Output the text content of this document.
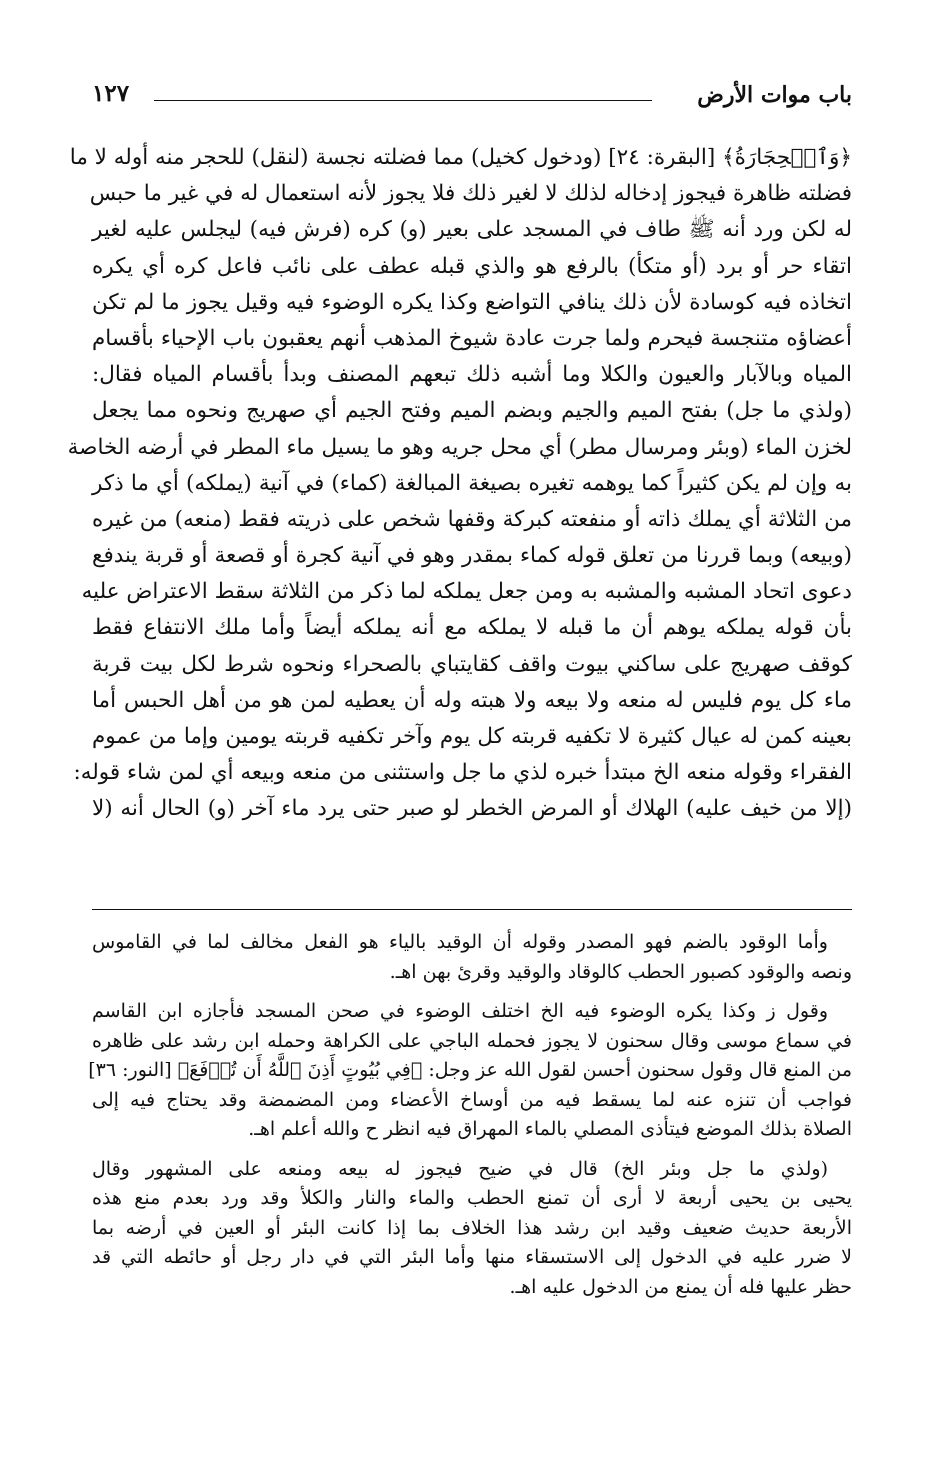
١٢٧	باب موات الأرض
﴿وَٱلۡحِجَارَةُ﴾ [البقرة: ٢٤] (ودخول كخيل) مما فضلته نجسة (لنقل) للحجر منه أوله لا ما
فضلته ظاهرة فيجوز إدخاله لذلك لا لغير ذلك فلا يجوز لأنه استعمال له في غير ما حبس
له لكن ورد أنه ﷺ طاف في المسجد على بعير (و) كره (فرش فيه) ليجلس عليه لغير
اتقاء حر أو برد (أو متكأ) بالرفع هو والذي قبله عطف على نائب فاعل كره أي يكره
اتخاذه فيه كوسادة لأن ذلك ينافي التواضع وكذا يكره الوضوء فيه وقيل يجوز ما لم تكن
أعضاؤه متنجسة فيحرم ولما جرت عادة شيوخ المذهب أنهم يعقبون باب الإحياء بأقسام
المياه وبالآبار والعيون والكلا وما أشبه ذلك تبعهم المصنف وبدأ بأقسام المياه فقال:
(ولذي ما جل) بفتح الميم والجيم وبضم الميم وفتح الجيم أي صهريج ونحوه مما يجعل
لخزن الماء (وبئر ومرسال مطر) أي محل جريه وهو ما يسيل ماء المطر في أرضه الخاصة
به وإن لم يكن كثيراً كما يوهمه تغيره بصيغة المبالغة (كماء) في آنية (يملكه) أي ما ذكر
من الثلاثة أي يملك ذاته أو منفعته كبركة وقفها شخص على ذريته فقط (منعه) من غيره
(وبيعه) وبما قررنا من تعلق قوله كماء بمقدر وهو في آنية كجرة أو قصعة أو قربة يندفع
دعوى اتحاد المشبه والمشبه به ومن جعل يملكه لما ذكر من الثلاثة سقط الاعتراض عليه
بأن قوله يملكه يوهم أن ما قبله لا يملكه مع أنه يملكه أيضاً وأما ملك الانتفاع فقط
كوقف صهريج على ساكني بيوت واقف كقايتباي بالصحراء ونحوه شرط لكل بيت قربة
ماء كل يوم فليس له منعه ولا بيعه ولا هبته وله أن يعطيه لمن هو من أهل الحبس أما
بعينه كمن له عيال كثيرة لا تكفيه قربته كل يوم وآخر تكفيه قربته يومين وإما من عموم
الفقراء وقوله منعه الخ مبتدأ خبره لذي ما جل واستثنى من منعه وبيعه أي لمن شاء قوله:
(إلا من خيف عليه) الهلاك أو المرض الخطر لو صبر حتى يرد ماء آخر (و) الحال أنه (لا
وأما الوقود بالضم فهو المصدر وقوله أن الوقيد بالياء هو الفعل مخالف لما في القاموس
ونصه والوقود كصبور الحطب كالوقاد والوقيد وقرئ بهن اهـ.
وقول ز وكذا يكره الوضوء فيه الخ اختلف الوضوء في صحن المسجد فأجازه ابن القاسم
في سماع موسى وقال سحنون لا يجوز فحمله الباجي على الكراهة وحمله ابن رشد على ظاهره
من المنع قال وقول سحنون أحسن لقول الله عز وجل: ﴿فِي بُيُوتٍ أَذِنَ ٱللَّهُ أَن تُرۡفَعَ﴾ [النور: ٣٦]
فواجب أن تنزه عنه لما يسقط فيه من أوساخ الأعضاء ومن المضمضة وقد يحتاج فيه إلى
الصلاة بذلك الموضع فيتأذى المصلي بالماء المهراق فيه انظر ح والله أعلم اهـ.
(ولذي ما جل وبئر الخ) قال في ضيح فيجوز له بيعه ومنعه على المشهور وقال
يحيى بن يحيى أربعة لا أرى أن تمنع الحطب والماء والنار والكلأ وقد ورد بعدم منع هذه
الأربعة حديث ضعيف وقيد ابن رشد هذا الخلاف بما إذا كانت البئر أو العين في أرضه بما
لا ضرر عليه في الدخول إلى الاستسقاء منها وأما البئر التي في دار رجل أو حائطه التي قد
حظر عليها فله أن يمنع من الدخول عليه اهـ.
